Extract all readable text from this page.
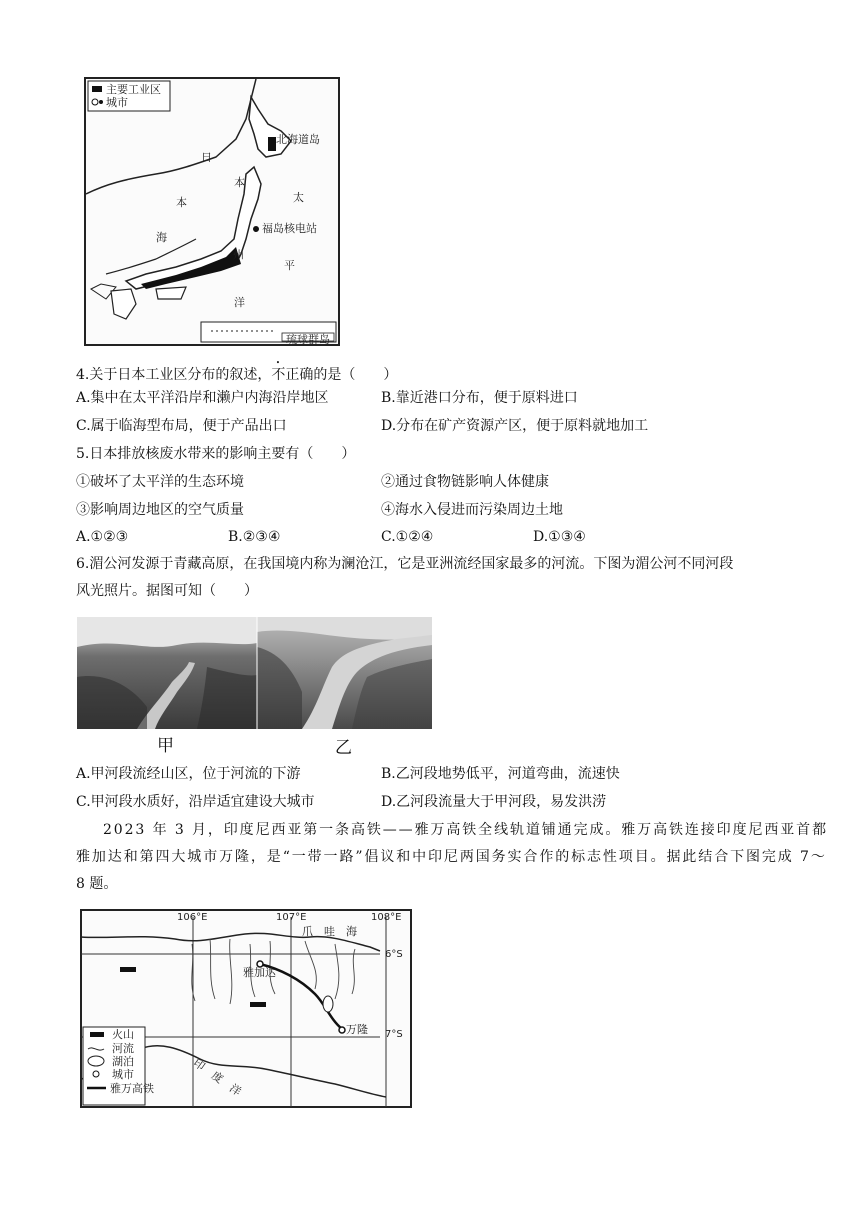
主要工业区
城市
日
本
海
北海道岛
太
本
州
福岛核电站
平
洋
琉球群岛
4.关于日本工业区分布的叙述，不正确的是（　　）
A.集中在太平洋沿岸和濑户内海沿岸地区	B.靠近港口分布，便于原料进口
C.属于临海型布局，便于产品出口	D.分布在矿产资源产区，便于原料就地加工
5.日本排放核废水带来的影响主要有（　　）
①破坏了太平洋的生态环境	②通过食物链影响人体健康
③影响周边地区的空气质量	④海水入侵进而污染周边土地
A.①②③	B.②③④	C.①②④	D.①③④
6.湄公河发源于青藏高原，在我国境内称为澜沧江，它是亚洲流经国家最多的河流。下图为湄公河不同河段
风光照片。据图可知（　　）
甲	乙
A.甲河段流经山区，位于河流的下游	B.乙河段地势低平，河道弯曲，流速快
C.甲河段水质好，沿岸适宜建设大城市	D.乙河段流量大于甲河段，易发洪涝
2023 年 3 月，印度尼西亚第一条高铁——雅万高铁全线轨道铺通完成。雅万高铁连接印度尼西亚首都
雅加达和第四大城市万隆，是“一带一路”倡议和中印尼两国务实合作的标志性项目。据此结合下图完成 7～
8 题。
106°E	107°E	108°E
6°S
7°S
爪　哇　海
雅加达
万隆
印　度　洋
火山
河流
湖泊
城市
雅万高铁
